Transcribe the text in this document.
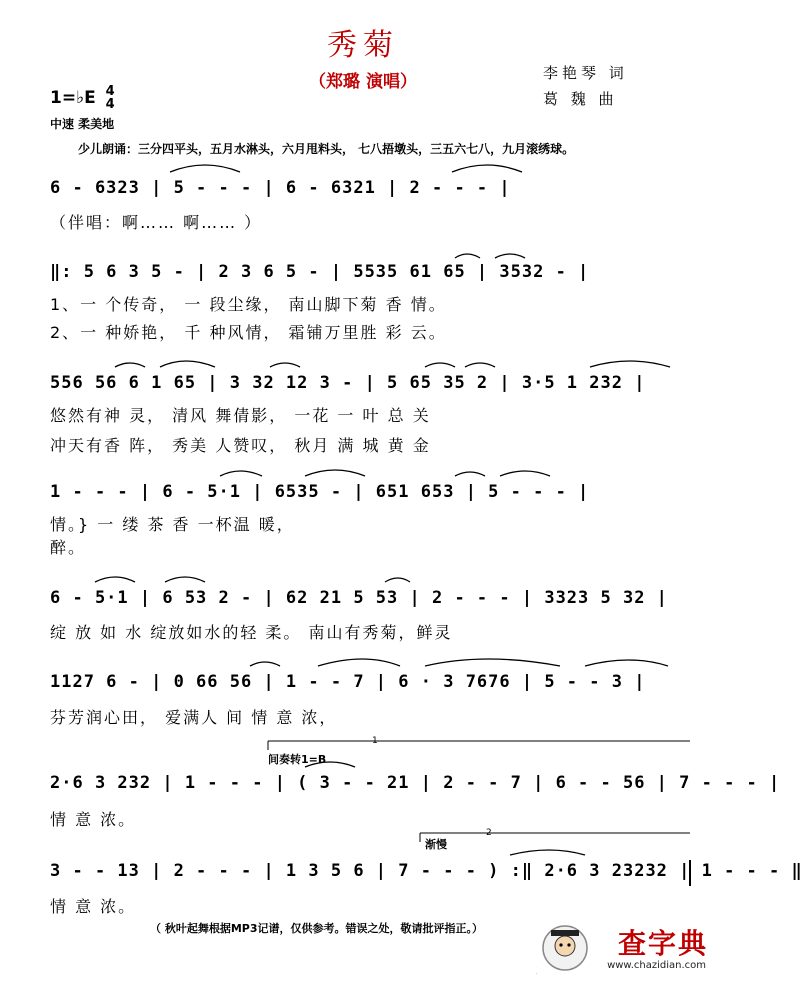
秀菊
（郑璐 演唱）	李艳琴 词
葛 魏 曲
1=♭E 4
4
中速 柔美地
少儿朗诵：三分四平头，五月水淋头，六月甩料头， 七八捂墩头，三五六七八，九月滚绣球。
6 - 6323 | 5 - - - | 6 - 6321 | 2 - - - |
（伴唱：啊…… 啊…… ）
‖: 5 6 3 5 - | 2 3 6 5 - | 5535 61 65 | 3532 - |
1、一 个传奇， 一 段尘缘， 南山脚下菊 香 情。
2、一 种娇艳， 千 种风情， 霜铺万里胜 彩 云。
556 56 6 1 65 | 3 32 12 3 - | 5 65 35 2 | 3·5 1 232 |
悠然有神 灵， 清风 舞倩影， 一花 一 叶 总 关
冲天有香 阵， 秀美 人赞叹， 秋月 满 城 黄 金
1 - - - | 6 - 5·1 | 6535 - | 651 653 | 5 - - - |
情。} 一 缕 茶 香 一杯温 暖，
醉。
6 - 5·1 | 6 53 2 - | 62 21 5 53 | 2 - - - | 3323 5 32 |
绽 放 如 水 绽放如水的轻 柔。 南山有秀菊，鲜灵
1127 6 - | 0 66 56 | 1 - - 7 | 6 · 3 7676 | 5 - - 3 |
芬芳润心田， 爱满人 间 情 意 浓，
间奏转1=B
1
2·6 3 232 | 1 - - - | ( 3 - - 21 | 2 - - 7 | 6 - - 56 | 7 - - - |
情 意 浓。
渐慢
2
3 - - 13 | 2 - - - | 1 3 5 6 | 7 - - - ) :‖ 2·6 3 23232 | 1 - - - ‖
情 意 浓。
（ 秋叶起舞根据MP3记谱，仅供参考。错误之处，敬请批评指正。）	查字典
www.chazidian.com
